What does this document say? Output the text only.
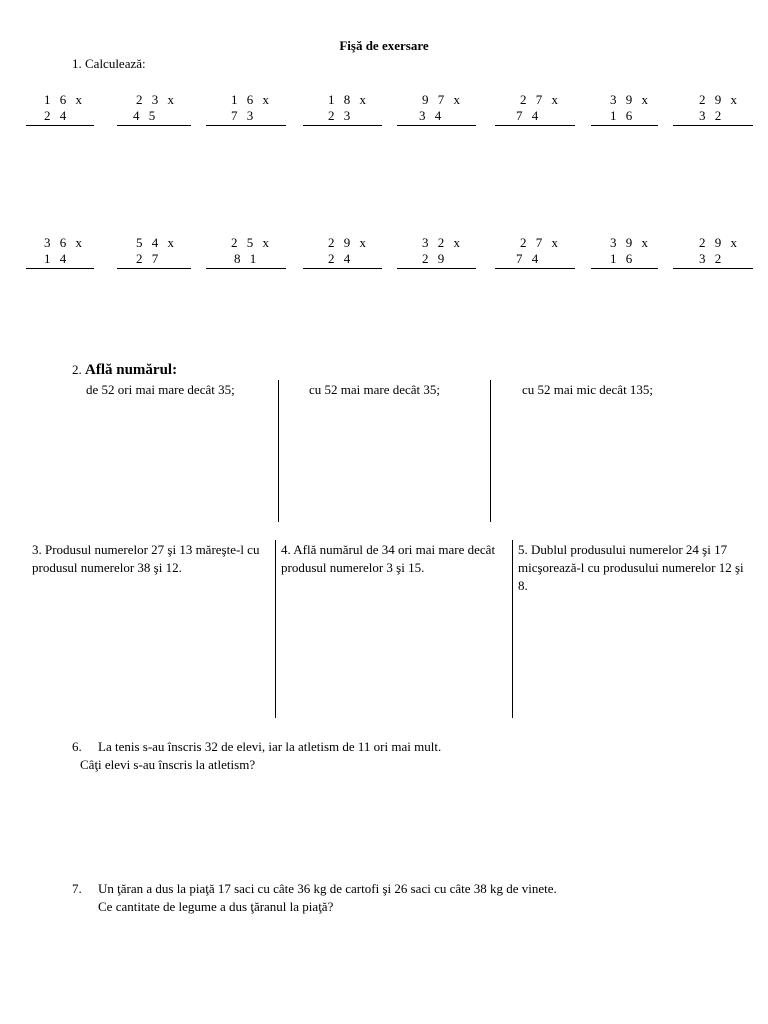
Fişă de exersare
1. Calculează:
1 6 x
2 4
2 3 x
4 5
1 6 x
7 3
1 8 x
2 3
9 7 x
3 4
2 7 x
7 4
3 9 x
1 6
2 9 x
3 2
3 6 x
1 4
5 4 x
2 7
2 5 x
8 1
2 9 x
2 4
3 2 x
2 9
2 7 x
7 4
3 9 x
1 6
2 9 x
3 2
2. Află numărul:
de 52 ori mai mare decât 35;	cu 52 mai mare decât 35;	cu 52 mai mic decât 135;
3. Produsul numerelor 27 şi 13 măreşte-l cu produsul numerelor 38 şi 12.
4. Află numărul de 34 ori mai mare decât produsul numerelor 3 şi 15.
5. Dublul produsului numerelor 24 şi 17 micşorează-l cu produsului numerelor 12 şi 8.
6. La tenis s-au înscris 32 de elevi, iar la atletism de 11 ori mai mult.
Câţi elevi s-au înscris la atletism?
7. Un ţăran a dus la piaţă 17 saci cu câte 36 kg de cartofi şi 26 saci cu câte 38 kg de vinete.
Ce cantitate de legume a dus ţăranul la piaţă?
